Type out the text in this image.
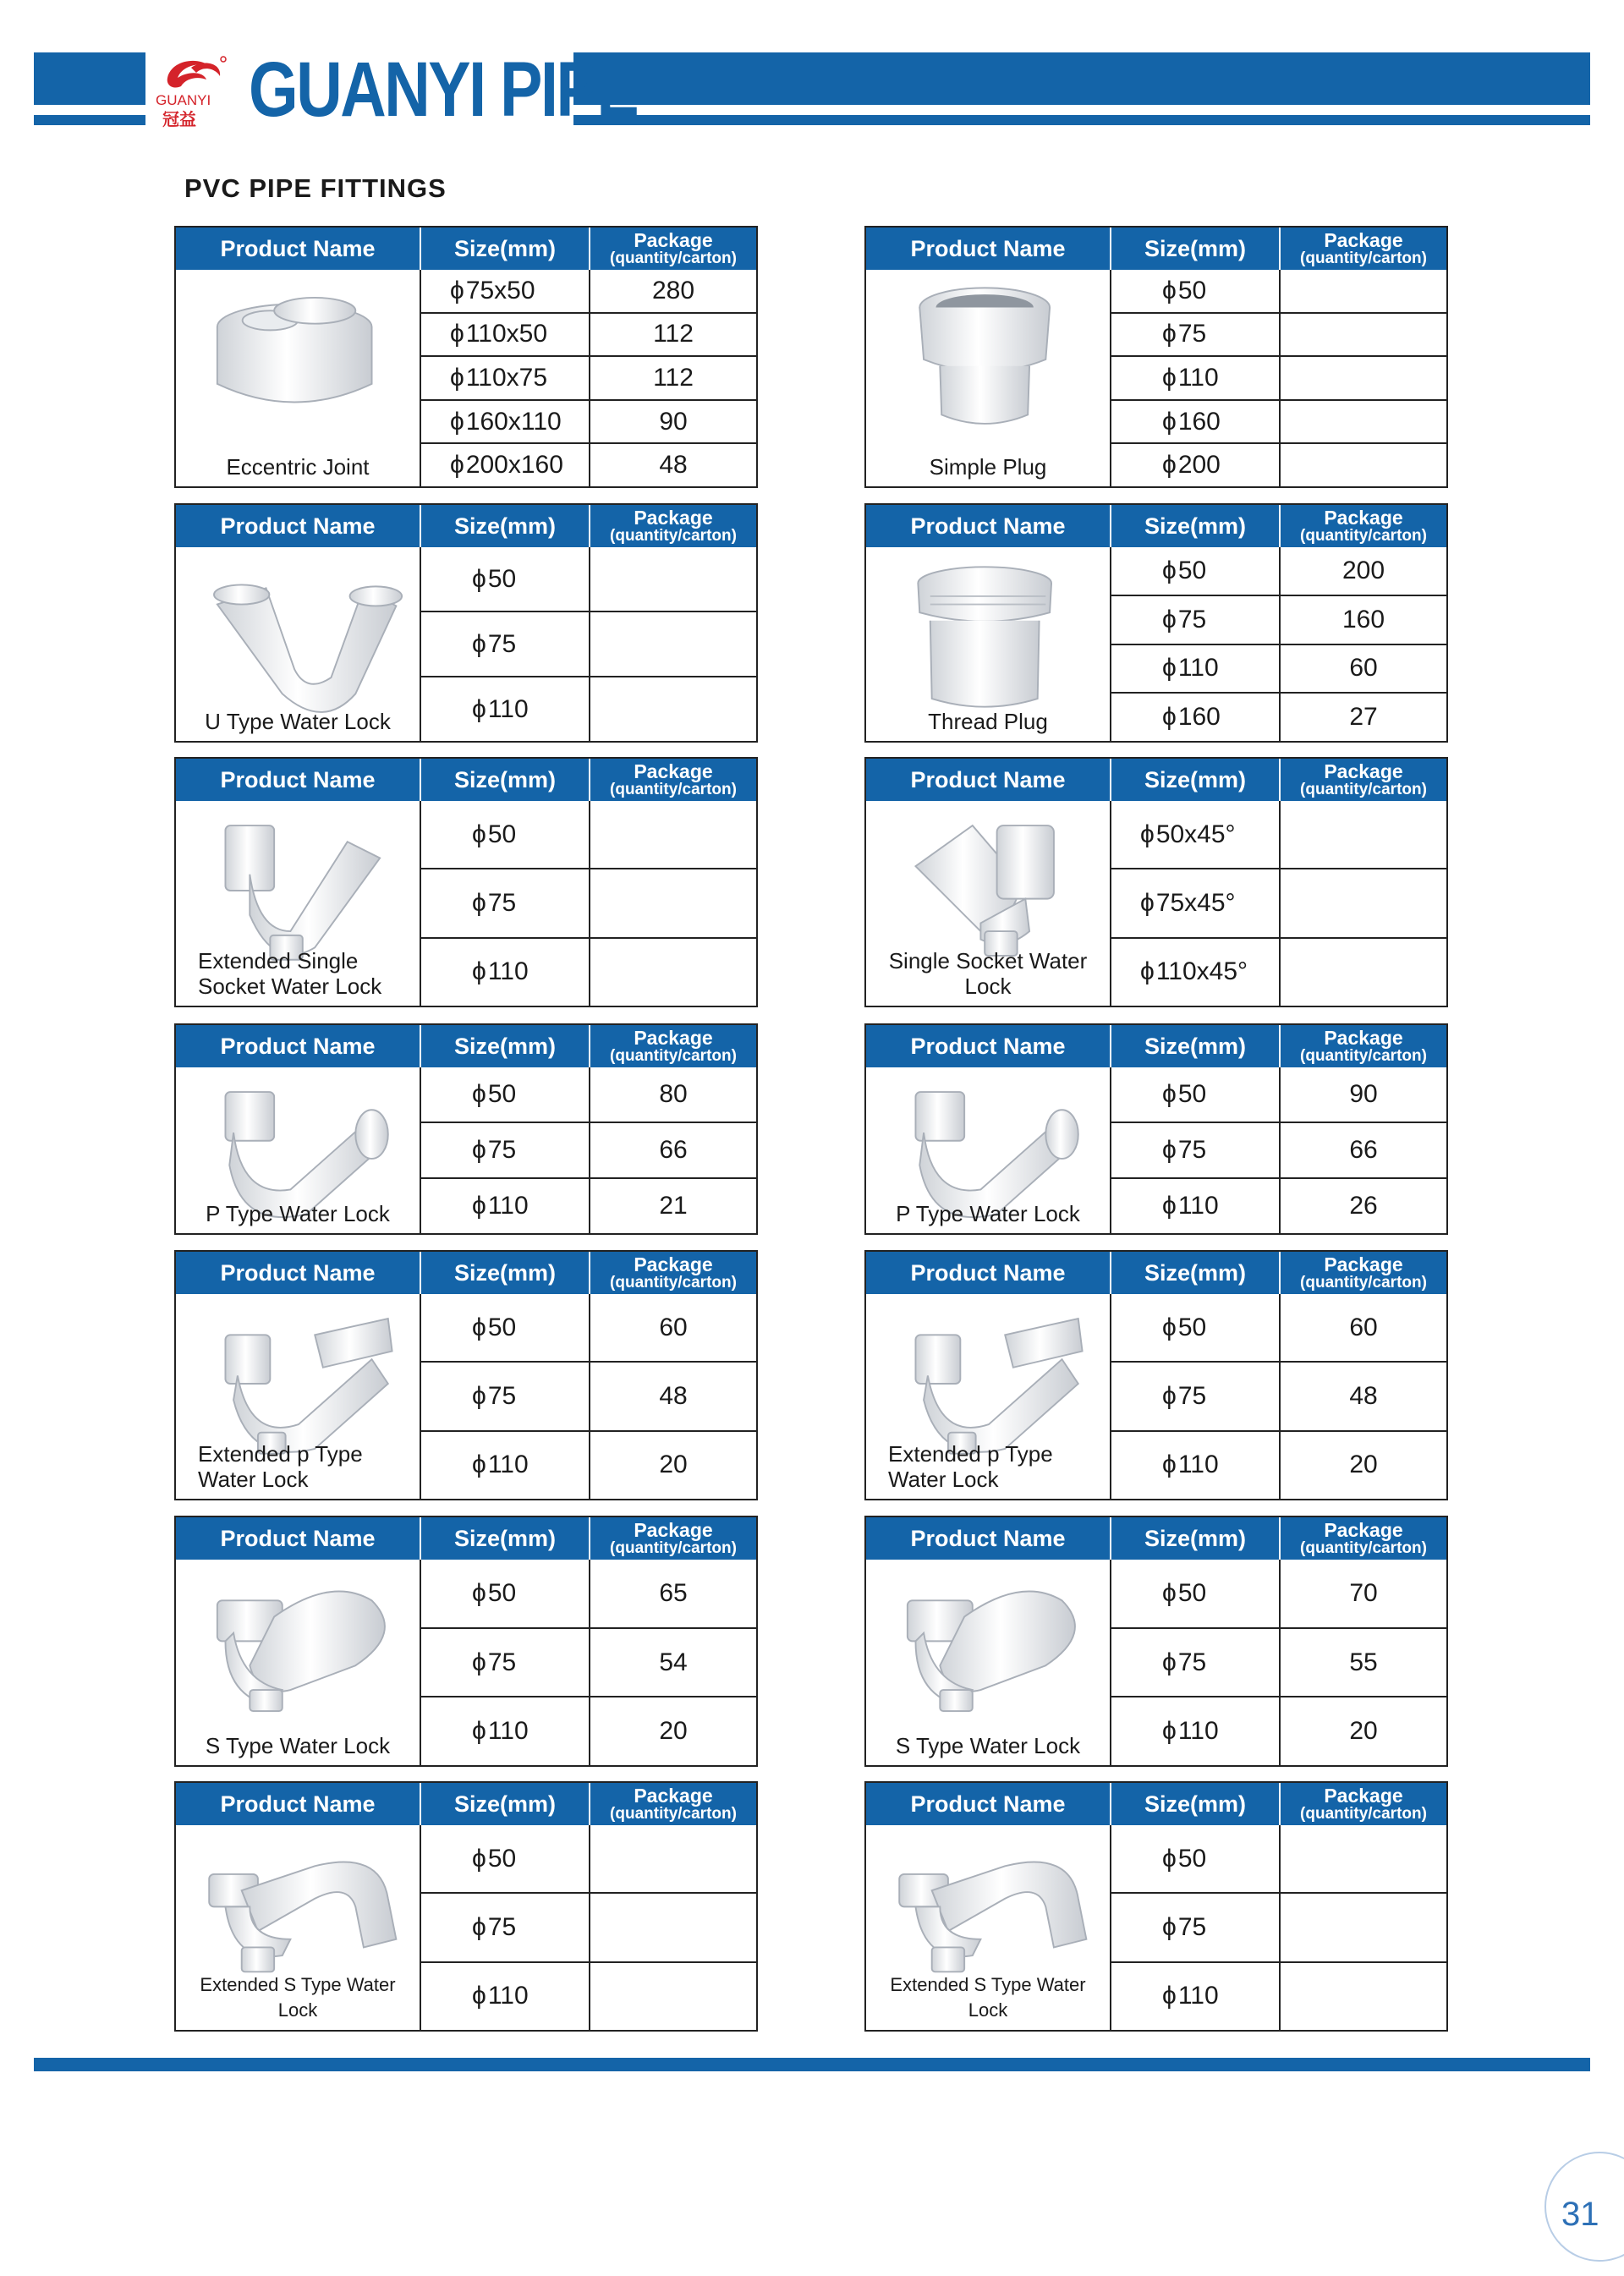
GUANYI
冠益 GUANYI PIPE
PVC PIPE FITTINGS
Product Name	Size(mm)	Package
(quantity/carton)
Eccentric Joint
ϕ 75x50	280
ϕ 110x50	112
ϕ 110x75	112
ϕ 160x110	90
ϕ 200x160	48
Product Name	Size(mm)	Package
(quantity/carton)
Simple Plug
ϕ 50
ϕ 75
ϕ 110
ϕ 160
ϕ 200
Product Name	Size(mm)	Package
(quantity/carton)
U Type Water Lock
ϕ 50
ϕ 75
ϕ 110
Product Name	Size(mm)	Package
(quantity/carton)
Thread Plug
ϕ 50	200
ϕ 75	160
ϕ 110	60
ϕ 160	27
Product Name	Size(mm)	Package
(quantity/carton)
Extended Single
Socket Water Lock
ϕ 50
ϕ 75
ϕ 110
Product Name	Size(mm)	Package
(quantity/carton)
Single Socket Water Lock
ϕ 50x45°
ϕ 75x45°
ϕ 110x45°
Product Name	Size(mm)	Package
(quantity/carton)
P Type Water Lock
ϕ 50	80
ϕ 75	66
ϕ 110	21
Product Name	Size(mm)	Package
(quantity/carton)
P Type Water Lock
ϕ 50	90
ϕ 75	66
ϕ 110	26
Product Name	Size(mm)	Package
(quantity/carton)
Extended p Type
Water Lock
ϕ 50	60
ϕ 75	48
ϕ 110	20
Product Name	Size(mm)	Package
(quantity/carton)
Extended p Type
Water Lock
ϕ 50	60
ϕ 75	48
ϕ 110	20
Product Name	Size(mm)	Package
(quantity/carton)
S Type Water Lock
ϕ 50	65
ϕ 75	54
ϕ 110	20
Product Name	Size(mm)	Package
(quantity/carton)
S Type Water Lock
ϕ 50	70
ϕ 75	55
ϕ 110	20
Product Name	Size(mm)	Package
(quantity/carton)
Extended S Type Water Lock
ϕ 50
ϕ 75
ϕ 110
Product Name	Size(mm)	Package
(quantity/carton)
Extended S Type Water Lock
ϕ 50
ϕ 75
ϕ 110
31
